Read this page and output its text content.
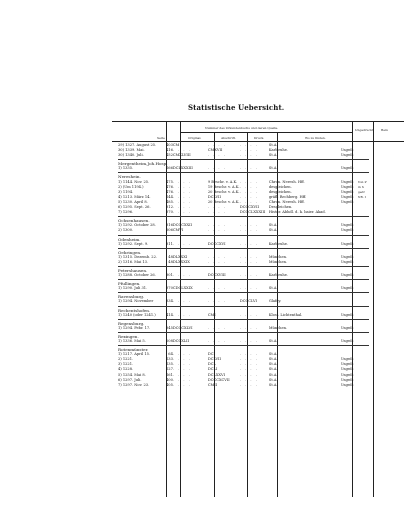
Statistische Uebersicht.
Nummer des Urkundenbuchs und deren Quelle.
Seite	Original.	Abschrift.	Druck.	Wo zu finden.
Ungedruckt. Bem
29) 1327. August 25.	403	CM	. . . .	. . . .	St.A.		
30) 1339. Mai.	416	. . . .	CMXVII	. . . .	Karlsruhe.	Ungedr.	
30) 1340. Juli.	452	CMXLVIII	. . . .	. . . .	St.A.	Ungedr.	

Mergentheim,Joh.Hosp.							
1) 1335.	166	DCLXXXIII	. . . .	. . . .	St.A.	Ungedr.	

Nereshein.							
1) 1144. Nov. 25.	475	. . . .	9 Beschr. v. A.K.	. . . .	Chron. Neresh. Hff.	Ungedr.	Von P
2) (Um 1194.)	476	. . . .	19 Beschr. v. A.K.	. . . .	desgleichen.	Ungedr.	in S
3) 1194.	476	. . . .	20 Beschr. v. A.K.	. . . .	desgleichen.	Ungedr.	gedr
4) 1213. März 14.	144	. . . .	DCLVII	. . . .	gräfl. Rechberg. Hff.	Ungedr.	NB. I
5) 1230. April 8.	485	. . . .	20 Beschr. v. A.K.	. . . .	Chron. Neresh. Hff.	Ungedr.	
6) 1295. Sept. 26.	312	. . . .	. . . .	DCCCXVII	Desgleichen.		
7) 1296.	370	. . . .	. . . .	DCCCLXXXIII	Histor. Abhdl. d. k. baier. Akad.		

Ochsenhausen.							
1) 1292. October 28.	316	DCCCXXII	. . . .	. . . .	St.A.	Ungedr.	
2) 1300.	606	CMVI	. . . .	. . . .	St.A.	Ungedr.	

Odenheim.							
1) 1292. Sept. 9.	311	. . . .	DCCCXVI	. . . .	Karlsruhe.	Ungedr.	

Oehringen.							
1) 1315. Dezemb. 22.	48	DLXXXI	. . . .	. . . .	München.	Ungedr.	
2) 1316. Mai 13.	48	DLXXXIX	. . . .	. . . .	München.	Ungedr.	

Petershausen.							
1) 1288. October 26.	301	. . . .	DCCXVIII	. . . .	Karlsruhe.	Ungedr.	

Pfullingen.							
1) 1290. Juli 31.	370	CDCLXXIX	. . . .	. . . .	St.A.	Ungedr.	

Ravensburg.							
1) 1294. November	334	. . . .	. . . .	DCCCLVI	Glafey.		

Rechentshofen.							
1) 1240 (oder 1241.)	414	. . . .	CMI	. . . .	Klost. Lichtenthal.	Ungedr.	

Regensburg.							
1) 1294. Febr. 17.	345	DCCCXLVI	. . . .	. . . .	München.	Ungedr.	

Rexingen.							
1) 1336. Mai 5.	208	DCCXLII	. . . .	. . . .	St.A.	Ungedr.	

Rotenmünster.							
1) 1217. April 15.	64	. . . .	DCI	. . . .	St.A.		
2) 1221.	133	. . . .	DCLVII	. . . .	St.A.	Ungedr.	
3) 1221.	135	. . . .	DCL	. . . .	St.A.	Ungedr.	
4) 1228.	127	. . . .	DCLI	. . . .	St.A.	Ungedr.	
5) 1254. Mai 8.	161	. . . .	DCLXXVI	. . . .	St.A.	Ungedr.	
6) 1297. Juli.	400	. . . .	DCCCXCVII	. . . .	St.A.	Ungedr.	
7) 1297. Nov. 23.	405	. . . .	CMII	. . . .	St.A.	Ungedr.	
